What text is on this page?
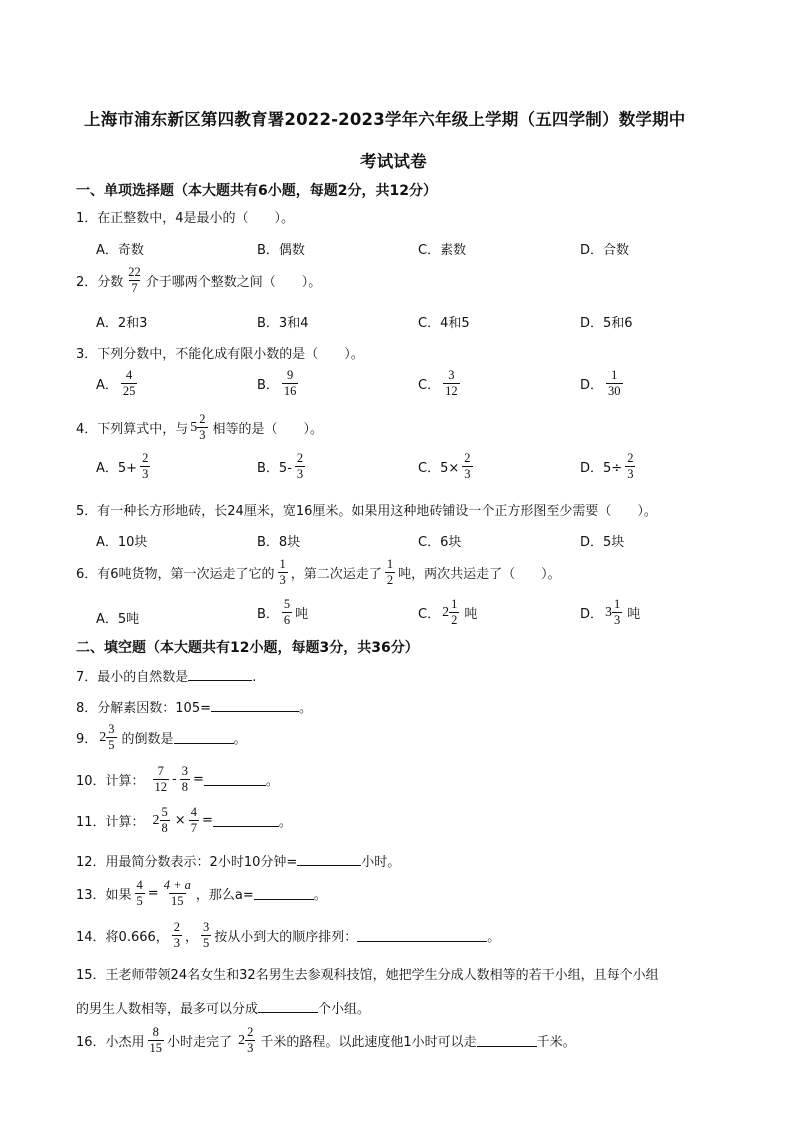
上海市浦东新区第四教育署2022-2023学年六年级上学期（五四学制）数学期中
考试试卷
一、单项选择题（本大题共有6小题，每题2分，共12分）
1．在正整数中，4是最小的（　　）。
A．奇数	B．偶数	C．素数	D．合数
2．分数 $\frac{22}{7}$ 介于哪两个整数之间（　　）。
A．2和3	B．3和4	C．4和5	D．5和6
3．下列分数中，不能化成有限小数的是（　　）。
A． $\frac{4}{25}$	B． $\frac{9}{16}$	C． $\frac{3}{12}$	D． $\frac{1}{30}$
4．下列算式中，与 $5 \frac{2}{3}$ 相等的是（　　）。
A．$5+ \frac{2}{3}$	B．$5- \frac{2}{3}$	C．$5\times \frac{2}{3}$	D．$5\div \frac{2}{3}$
5．有一种长方形地砖，长24厘米，宽16厘米。如果用这种地砖铺设一个正方形图至少需要（　　）。
A．10块	B．8块	C．6块	D．5块
6．有6吨货物，第一次运走了它的 $\frac{1}{3}$ ，第二次运走了 $\frac{1}{2}$ 吨，两次共运走了（　　）。
A．5吨	B． $\frac{5}{6}$ 吨	C． $2 \frac{1}{2}$ 吨	D． $3 \frac{1}{3}$ 吨
二、填空题（本大题共有12小题，每题3分，共36分）
7．最小的自然数是	.
8．分解素因数：105=	。
9． $2 \frac{3}{5}$ 的倒数是	。
10．计算： $\frac{7}{12} - \frac{3}{8}$ =	。
11．计算： $2 \frac{5}{8} \times \frac{4}{7}$ =	。
12．用最简分数表示：2小时10分钟=	小时。
13．如果 $\frac{4}{5} = \frac{4 + a}{15}$ ，那么a=	。
14．将0.666， $\frac{2}{3}$ ， $\frac{3}{5}$ 按从小到大的顺序排列：	。
15．王老师带领24名女生和32名男生去参观科技馆，她把学生分成人数相等的若干小组，且每个小组
的男生人数相等，最多可以分成	个小组。
16．小杰用 $\frac{8}{15}$ 小时走完了 $2 \frac{2}{3}$ 千米的路程。以此速度他1小时可以走	千米。
